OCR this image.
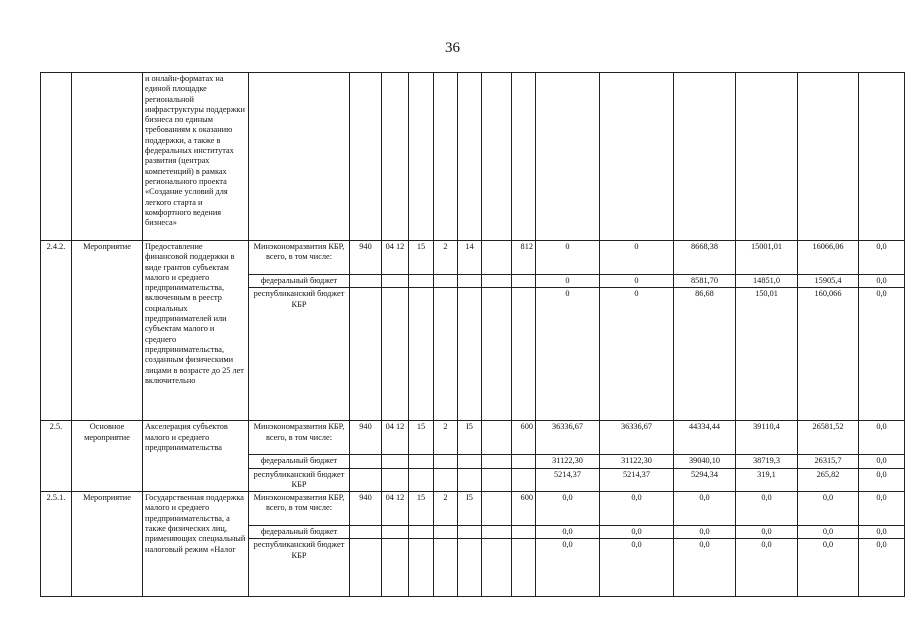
36
		и онлайн-форматах на единой площадке региональной инфраструктуры поддержки бизнеса по единым требованиям к оказанию поддержки, а также в федеральных институтах развития (центрах компетенций) в рамках регионального проекта «Создание условий для легкого старта и комфортного ведения бизнеса»														
2.4.2.	Мероприятие	Предоставление финансовой поддержки в виде грантов субъектам малого и среднего предпринимательства, включенным в реестр социальных предпринимателей или субъектам малого и среднего предпринимательства, созданным физическими лицами в возрасте до 25 лет включительно	Минэкономразвития КБР, всего, в том числе:	940	04 12	15	2	14		812	0	0	8668,38	15001,01	16066,06	0,0
			федеральный бюджет								0	0	8581,70	14851,0	15905,4	0,0
			республиканский бюджет КБР								0	0	86,68	150,01	160,066	0,0
2.5.	Основное мероприятие	Акселерация субъектов малого и среднего предпринимательства	Минэкономразвития КБР, всего, в том числе:	940	04 12	15	2	I5		600	36336,67	36336,67	44334,44	39110,4	26581,52	0,0
			федеральный бюджет								31122,30	31122,30	39040,10	38719,3	26315,7	0,0
			республиканский бюджет КБР								5214,37	5214,37	5294,34	319,1	265,82	0,0
2.5.1.	Мероприятие	Государственная поддержка малого и среднего предпринимательства, а также физических лиц, применяющих специальный налоговый режим «Налог	Минэкономразвития КБР, всего, в том числе:	940	04 12	15	2	I5		600	0,0	0,0	0,0	0,0	0,0	0,0
			федеральный бюджет								0,0	0,0	0,0	0,0	0,0	0,0
			республиканский бюджет КБР								0,0	0,0	0,0	0,0	0,0	0,0
